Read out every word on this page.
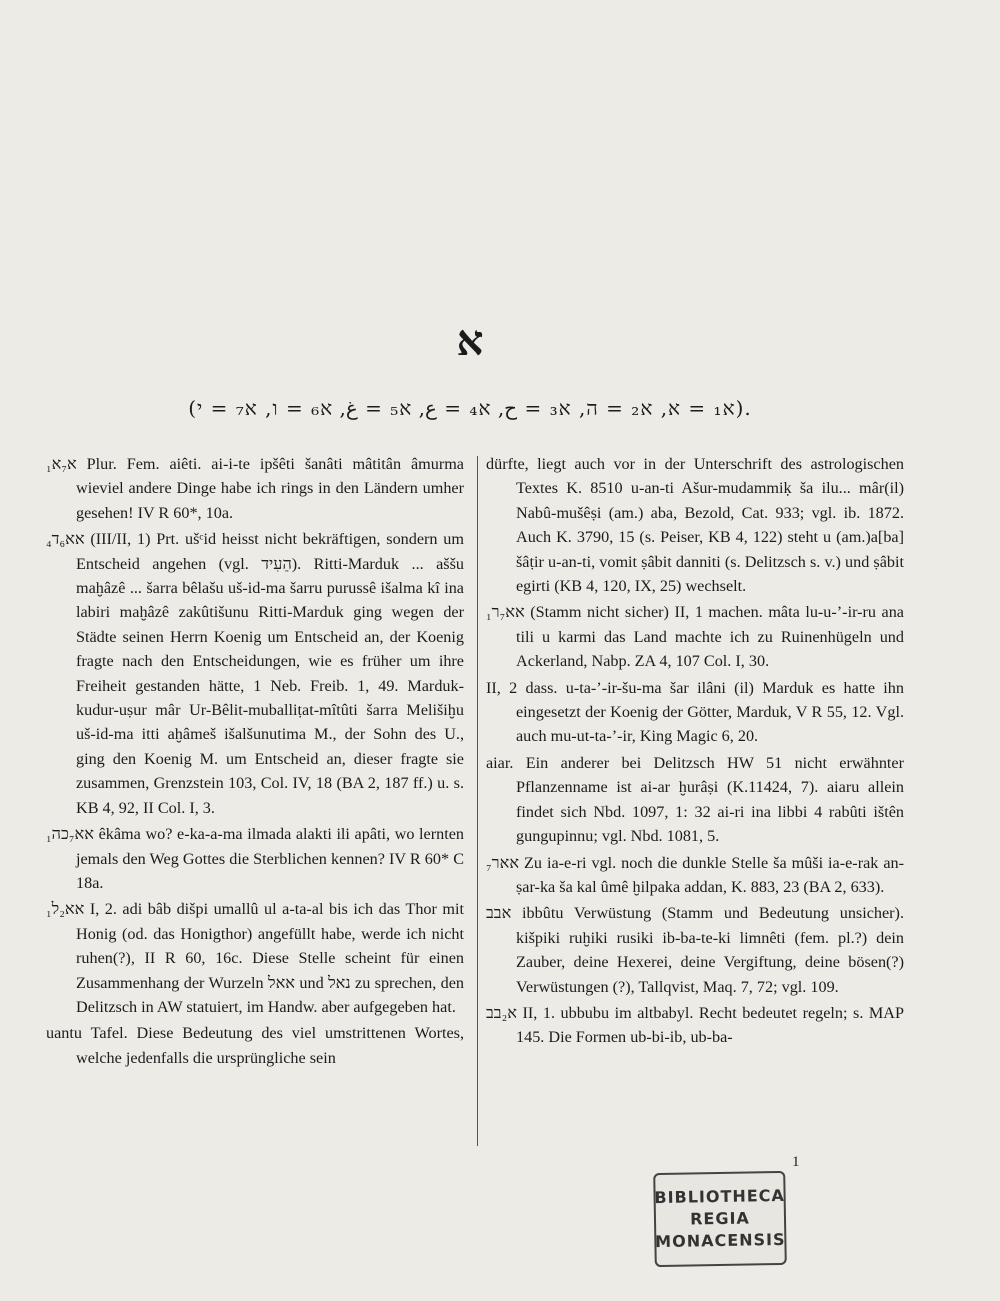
א
(א₁ = א, א₂ = ה, א₃ = ح, א₄ = ع, א₅ = غ, א₆ = ו, א₇ = י).

א₇א₁ Plur. Fem. aiêti. ai-i-te ipšêti šanâti mâtitân âmurma wieviel andere Dinge habe ich rings in den Ländern umher gesehen! IV R 60*, 10a.

אא₆ד₄ (III/II, 1) Prt. ušᶜid heisst nicht bekräftigen, sondern um Entscheid angehen (vgl. הֵעִיד). Ritti-Marduk ... aššu maḫâzê ... šarra bêlašu uš-id-ma šarru purussê išalma kî ina labiri maḫâzê zakûtišunu Ritti-Marduk ging wegen der Städte seinen Herrn Koenig um Entscheid an, der Koenig fragte nach den Entscheidungen, wie es früher um ihre Freiheit gestanden hätte, 1 Neb. Freib. 1, 49. Marduk-kudur-uṣur mâr Ur-Bêlit-muballiṭat-mîtûti šarra Melišiḫu uš-id-ma itti aḫâmeš išalšunutima M., der Sohn des U., ging den Koenig M. um Entscheid an, dieser fragte sie zusammen, Grenzstein 103, Col. IV, 18 (BA 2, 187 ff.) u. s. KB 4, 92, II Col. I, 3.

אא₇כה₁ êkâma wo? e-ka-a-ma ilmada alakti ili apâti, wo lernten jemals den Weg Gottes die Sterblichen kennen? IV R 60* C 18a.

אא₂ל₁ I, 2. adi bâb dišpi umallû ul a-ta-al bis ich das Thor mit Honig (od. das Honigthor) angefüllt habe, werde ich nicht ruhen(?), II R 60, 16c. Diese Stelle scheint für einen Zusammenhang der Wurzeln אאל und נאל zu sprechen, den Delitzsch in AW statuiert, im Handw. aber aufgegeben hat.

uantu Tafel. Diese Bedeutung des viel umstrittenen Wortes, welche jedenfalls die ursprüngliche sein

dürfte, liegt auch vor in der Unterschrift des astrologischen Textes K. 8510 u-an-ti Ašur-mudammiḳ ša ilu... mâr(il) Nabû-mušêṣi (am.) aba, Bezold, Cat. 933; vgl. ib. 1872. Auch K. 3790, 15 (s. Peiser, KB 4, 122) steht u (am.)a[ba] šâṭir u-an-ti, vomit ṣâbit danniti (s. Delitzsch s. v.) und ṣâbit egirti (KB 4, 120, IX, 25) wechselt.

אא₇ר₁ (Stamm nicht sicher) II, 1 machen. mâta lu-u-’-ir-ru ana tili u karmi das Land machte ich zu Ruinenhügeln und Ackerland, Nabp. ZA 4, 107 Col. I, 30.

II, 2 dass. u-ta-’-ir-šu-ma šar ilâni (il) Marduk es hatte ihn eingesetzt der Koenig der Götter, Marduk, V R 55, 12. Vgl. auch mu-ut-ta-’-ir, King Magic 6, 20.

aiar. Ein anderer bei Delitzsch HW 51 nicht erwähnter Pflanzenname ist ai-ar ḫurâṣi (K.11424, 7). aiaru allein findet sich Nbd. 1097, 1: 32 ai-ri ina libbi 4 rabûti ištên gungupinnu; vgl. Nbd. 1081, 5.

אאר₇ Zu ia-e-ri vgl. noch die dunkle Stelle ša mûši ia-e-rak an-ṣar-ka ša kal ûmê ḫilpaka addan, K. 883, 23 (BA 2, 633).

אבב ibbûtu Verwüstung (Stamm und Bedeutung unsicher). kišpiki ruḫiki rusiki ib-ba-te-ki limnêti (fem. pl.?) dein Zauber, deine Hexerei, deine Vergiftung, deine bösen(?) Verwüstungen (?), Tallqvist, Maq. 7, 72; vgl. 109.

א₂בב II, 1. ubbubu im altbabyl. Recht bedeutet regeln; s. MAP 145. Die Formen ub-bi-ib, ub-ba-

1
BIBLIOTHECA
REGIA
MONACENSIS
